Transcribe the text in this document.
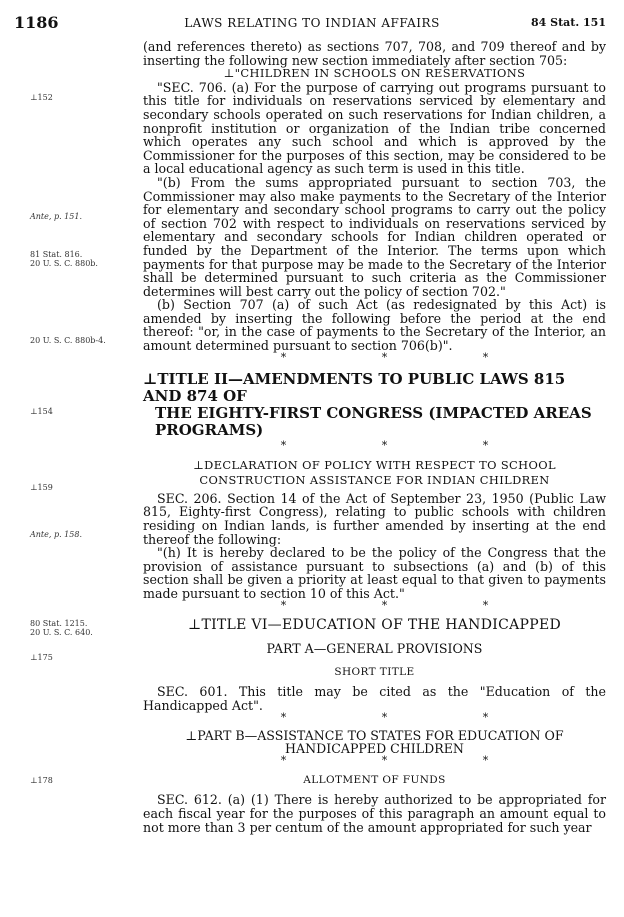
1186	LAWS RELATING TO INDIAN AFFAIRS	84 Stat. 151
⊥152
Ante, p. 151.
81 Stat. 816.
20 U. S. C. 880b.
20 U. S. C. 880b-4.
⊥154
⊥159
Ante, p. 158.
80 Stat. 1215.
20 U. S. C. 640.
⊥175
⊥178

(and references thereto) as sections 707, 708, and 709 thereof and by inserting the following new section immediately after section 705:

⊥"CHILDREN IN SCHOOLS ON RESERVATIONS

"SEC. 706. (a) For the purpose of carrying out programs pursuant to this title for individuals on reservations serviced by elementary and secondary schools operated on such reservations for Indian children, a nonprofit institution or organization of the Indian tribe concerned which operates any such school and which is approved by the Commissioner for the purposes of this section, may be considered to be a local educational agency as such term is used in this title.

"(b) From the sums appropriated pursuant to section 703, the Commissioner may also make payments to the Secretary of the Interior for elementary and secondary school programs to carry out the policy of section 702 with respect to individuals on reservations serviced by elementary and secondary schools for Indian children operated or funded by the Department of the Interior. The terms upon which payments for that purpose may be made to the Secretary of the Interior shall be determined pursuant to such criteria as the Commissioner determines will best carry out the policy of section 702."

(b) Section 707 (a) of such Act (as redesignated by this Act) is amended by inserting the following before the period at the end thereof: "or, in the case of payments to the Secretary of the Interior, an amount determined pursuant to section 706(b)".

*	*	*
⊥TITLE II—AMENDMENTS TO PUBLIC LAWS 815 AND 874 OF
THE EIGHTY-FIRST CONGRESS (IMPACTED AREAS PROGRAMS)
*	*	*

⊥DECLARATION OF POLICY WITH RESPECT TO SCHOOL

CONSTRUCTION ASSISTANCE FOR INDIAN CHILDREN

SEC. 206. Section 14 of the Act of September 23, 1950 (Public Law 815, Eighty-first Congress), relating to public schools with children residing on Indian lands, is further amended by inserting at the end thereof the following:

"(h) It is hereby declared to be the policy of the Congress that the provision of assistance pursuant to subsections (a) and (b) of this section shall be given a priority at least equal to that given to payments made pursuant to section 10 of this Act."

*	*	*

⊥TITLE VI—EDUCATION OF THE HANDICAPPED

PART A—GENERAL PROVISIONS

SHORT TITLE

SEC. 601. This title may be cited as the "Education of the Handicapped Act".

*	*	*

⊥PART B—ASSISTANCE TO STATES FOR EDUCATION OF

HANDICAPPED CHILDREN

*	*	*

ALLOTMENT OF FUNDS

SEC. 612. (a) (1) There is hereby authorized to be appropriated for each fiscal year for the purposes of this paragraph an amount equal to not more than 3 per centum of the amount appropriated for such year
